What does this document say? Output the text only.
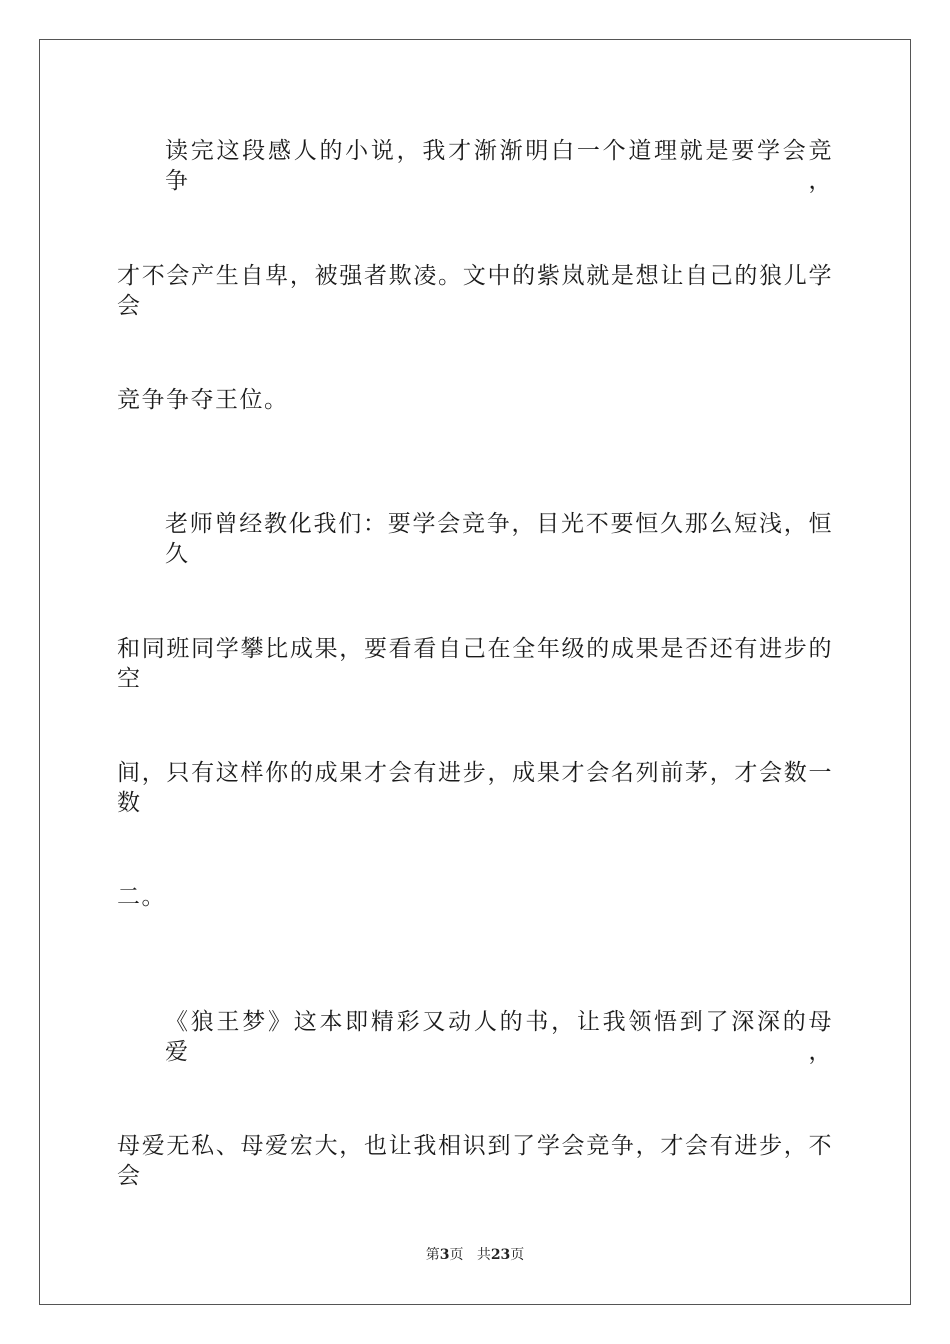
读完这段感人的小说，我才渐渐明白一个道理就是要学会竞争，
才不会产生自卑，被强者欺凌。文中的紫岚就是想让自己的狼儿学会
竞争争夺王位。
老师曾经教化我们：要学会竞争，目光不要恒久那么短浅，恒久
和同班同学攀比成果，要看看自己在全年级的成果是否还有进步的空
间，只有这样你的成果才会有进步，成果才会名列前茅，才会数一数
二。
《狼王梦》这本即精彩又动人的书，让我领悟到了深深的母爱，
母爱无私、母爱宏大，也让我相识到了学会竞争，才会有进步，不会
第3页 共23页
